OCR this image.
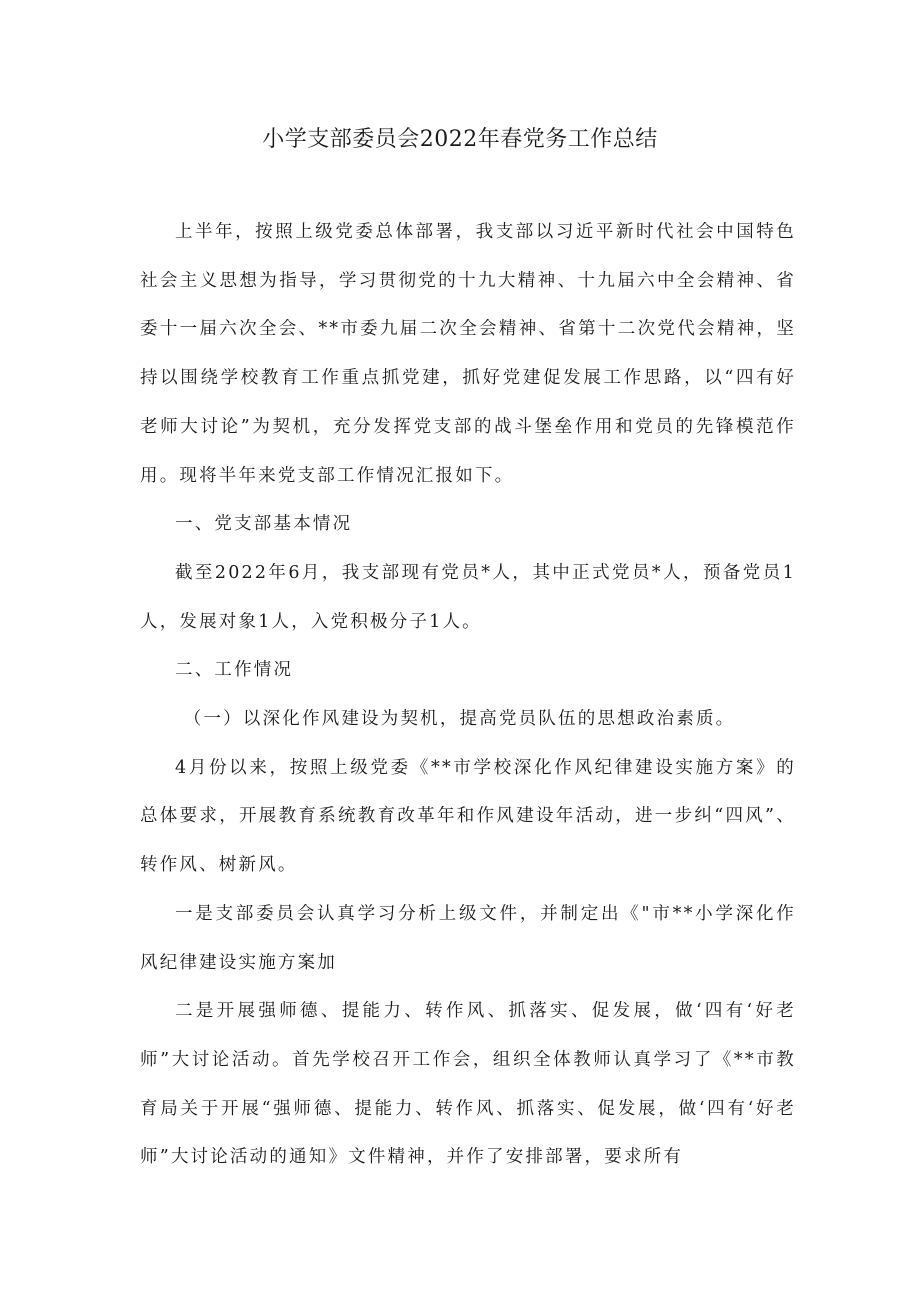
小学支部委员会2022年春党务工作总结

上半年，按照上级党委总体部署，我支部以习近平新时代社会中国特色社会主义思想为指导，学习贯彻党的十九大精神、十九届六中全会精神、省委十一届六次全会、**市委九届二次全会精神、省第十二次党代会精神，坚持以围绕学校教育工作重点抓党建，抓好党建促发展工作思路，以“四有好老师大讨论”为契机，充分发挥党支部的战斗堡垒作用和党员的先锋模范作用。现将半年来党支部工作情况汇报如下。

一、党支部基本情况

截至2022年6月，我支部现有党员*人，其中正式党员*人，预备党员1人，发展对象1人，入党积极分子1人。

二、工作情况

（一）以深化作风建设为契机，提高党员队伍的思想政治素质。

4月份以来，按照上级党委《**市学校深化作风纪律建设实施方案》的总体要求，开展教育系统教育改革年和作风建设年活动，进一步纠“四风”、转作风、树新风。

一是支部委员会认真学习分析上级文件，并制定出《"市**小学深化作风纪律建设实施方案加

二是开展强师德、提能力、转作风、抓落实、促发展，做‘四有‘好老师”大讨论活动。首先学校召开工作会，组织全体教师认真学习了《**市教育局关于开展“强师德、提能力、转作风、抓落实、促发展，做‘四有‘好老师”大讨论活动的通知》文件精神，并作了安排部署，要求所有
